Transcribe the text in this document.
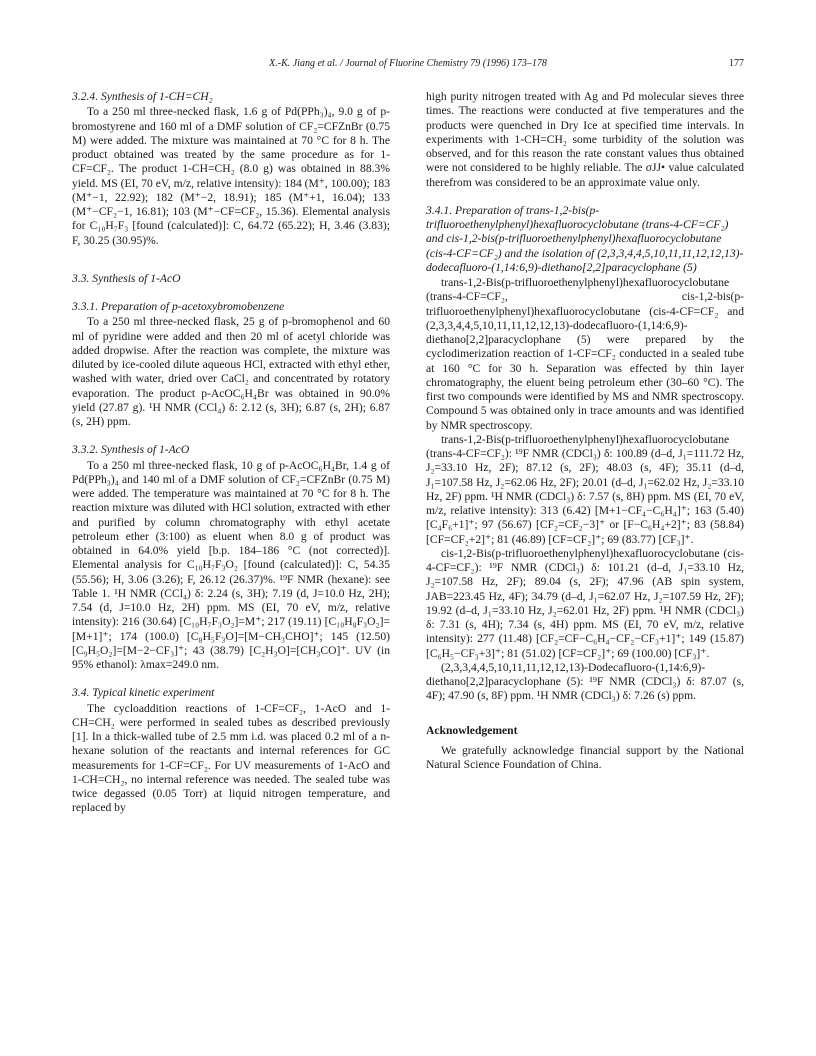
X.-K. Jiang et al. / Journal of Fluorine Chemistry 79 (1996) 173–178	177
3.2.4. Synthesis of 1-CH=CH₂

To a 250 ml three-necked flask, 1.6 g of Pd(PPh₃)₄, 9.0 g of p-bromostyrene and 160 ml of a DMF solution of CF₂=CFZnBr (0.75 M) were added. The mixture was maintained at 70 °C for 8 h. The product obtained was treated by the same procedure as for 1-CF=CF₂. The product 1-CH=CH₂ (8.0 g) was obtained in 88.3% yield. MS (EI, 70 eV, m/z, relative intensity): 184 (M⁺, 100.00); 183 (M⁺−1, 22.92); 182 (M⁺−2, 18.91); 185 (M⁺+1, 16.04); 133 (M⁺−CF₂−1, 16.81); 103 (M⁺−CF=CF₂, 15.36). Elemental analysis for C₁₀H₇F₃ [found (calculated)]: C, 64.72 (65.22); H, 3.46 (3.83); F, 30.25 (30.95)%.

3.3. Synthesis of 1-AcO
3.3.1. Preparation of p-acetoxybromobenzene

To a 250 ml three-necked flask, 25 g of p-bromophenol and 60 ml of pyridine were added and then 20 ml of acetyl chloride was added dropwise. After the reaction was complete, the mixture was diluted by ice-cooled dilute aqueous HCl, extracted with ethyl ether, washed with water, dried over CaCl₂ and concentrated by rotatory evaporation. The product p-AcOC₆H₄Br was obtained in 90.0% yield (27.87 g). ¹H NMR (CCl₄) δ: 2.12 (s, 3H); 6.87 (s, 2H); 6.87 (s, 2H) ppm.

3.3.2. Synthesis of 1-AcO

To a 250 ml three-necked flask, 10 g of p-AcOC₆H₄Br, 1.4 g of Pd(PPh₃)₄ and 140 ml of a DMF solution of CF₂=CFZnBr (0.75 M) were added. The temperature was maintained at 70 °C for 8 h. The reaction mixture was diluted with HCl solution, extracted with ether and purified by column chromatography with ethyl acetate petroleum ether (3:100) as eluent when 8.0 g of product was obtained in 64.0% yield [b.p. 184–186 °C (not corrected)]. Elemental analysis for C₁₀H₇F₃O₂ [found (calculated)]: C, 54.35 (55.56); H, 3.06 (3.26); F, 26.12 (26.37)%. ¹⁹F NMR (hexane): see Table 1. ¹H NMR (CCl₄) δ: 2.24 (s, 3H); 7.19 (d, J=10.0 Hz, 2H); 7.54 (d, J=10.0 Hz, 2H) ppm. MS (EI, 70 eV, m/z, relative intensity): 216 (30.64) [C₁₀H₇F₃O₂]=M⁺; 217 (19.11) [C₁₀H₈F₃O₂]=[M+1]⁺; 174 (100.0) [C₈H₅F₃O]=[M−CH₃CHO]⁺; 145 (12.50) [C₉H₅O₂]=[M−2−CF₃]⁺; 43 (38.79) [C₂H₃O]=[CH₃CO]⁺. UV (in 95% ethanol): λmax=249.0 nm.

3.4. Typical kinetic experiment

The cycloaddition reactions of 1-CF=CF₂, 1-AcO and 1-CH=CH₂ were performed in sealed tubes as described previously [1]. In a thick-walled tube of 2.5 mm i.d. was placed 0.2 ml of a n-hexane solution of the reactants and internal references for GC measurements for 1-CF=CF₂. For UV measurements of 1-AcO and 1-CH=CH₂, no internal reference was needed. The sealed tube was twice degassed (0.05 Torr) at liquid nitrogen temperature, and replaced by

high purity nitrogen treated with Ag and Pd molecular sieves three times. The reactions were conducted at five temperatures and the products were quenched in Dry Ice at specified time intervals. In experiments with 1-CH=CH₂ some turbidity of the solution was observed, and for this reason the rate constant values thus obtained were not considered to be highly reliable. The σJJ• value calculated therefrom was considered to be an approximate value only.

3.4.1. Preparation of trans-1,2-bis(p-trifluoroethenylphenyl)hexafluorocyclobutane (trans-4-CF=CF₂) and cis-1,2-bis(p-trifluoroethenylphenyl)hexafluorocyclobutane (cis-4-CF=CF₂) and the isolation of (2,3,3,4,4,5,10,11,11,12,12,13)-dodecafluoro-(1,14:6,9)-diethano[2,2]paracyclophane (5)

trans-1,2-Bis(p-trifluoroethenylphenyl)hexafluorocyclobutane (trans-4-CF=CF₂, cis-1,2-bis(p-trifluoroethenylphenyl)hexafluorocyclobutane (cis-4-CF=CF₂ and (2,3,3,4,4,5,10,11,11,12,12,13)-dodecafluoro-(1,14:6,9)-diethano[2,2]paracyclophane (5) were prepared by the cyclodimerization reaction of 1-CF=CF₂ conducted in a sealed tube at 160 °C for 30 h. Separation was effected by thin layer chromatography, the eluent being petroleum ether (30–60 °C). The first two compounds were identified by MS and NMR spectroscopy. Compound 5 was obtained only in trace amounts and was identified by NMR spectroscopy.

trans-1,2-Bis(p-trifluoroethenylphenyl)hexafluorocyclobutane (trans-4-CF=CF₂): ¹⁹F NMR (CDCl₃) δ: 100.89 (d–d, J₁=111.72 Hz, J₂=33.10 Hz, 2F); 87.12 (s, 2F); 48.03 (s, 4F); 35.11 (d–d, J₁=107.58 Hz, J₂=62.06 Hz, 2F); 20.01 (d–d, J₁=62.02 Hz, J₂=33.10 Hz, 2F) ppm. ¹H NMR (CDCl₃) δ: 7.57 (s, 8H) ppm. MS (EI, 70 eV, m/z, relative intensity): 313 (6.42) [M+1−CF₄−C₆H₄]⁺; 163 (5.40) [C₄F₆+1]⁺; 97 (56.67) [CF₂=CF₂−3]⁺ or [F−C₆H₄+2]⁺; 83 (58.84) [CF=CF₂+2]⁺; 81 (46.89) [CF=CF₂]⁺; 69 (83.77) [CF₃]⁺.

cis-1,2-Bis(p-trifluoroethenylphenyl)hexafluorocyclobutane (cis-4-CF=CF₂): ¹⁹F NMR (CDCl₃) δ: 101.21 (d–d, J₁=33.10 Hz, J₂=107.58 Hz, 2F); 89.04 (s, 2F); 47.96 (AB spin system, JAB=223.45 Hz, 4F); 34.79 (d–d, J₁=62.07 Hz, J₂=107.59 Hz, 2F); 19.92 (d–d, J₁=33.10 Hz, J₂=62.01 Hz, 2F) ppm. ¹H NMR (CDCl₃) δ: 7.31 (s, 4H); 7.34 (s, 4H) ppm. MS (EI, 70 eV, m/z, relative intensity): 277 (11.48) [CF₂=CF−C₆H₄−CF₂−CF₃+1]⁺; 149 (15.87) [C₆H₅−CF₃+3]⁺; 81 (51.02) [CF=CF₂]⁺; 69 (100.00) [CF₃]⁺.

(2,3,3,4,4,5,10,11,11,12,12,13)-Dodecafluoro-(1,14:6,9)-diethano[2,2]paracyclophane (5): ¹⁹F NMR (CDCl₃) δ: 87.07 (s, 4F); 47.90 (s, 8F) ppm. ¹H NMR (CDCl₃) δ: 7.26 (s) ppm.

Acknowledgement

We gratefully acknowledge financial support by the National Natural Science Foundation of China.
